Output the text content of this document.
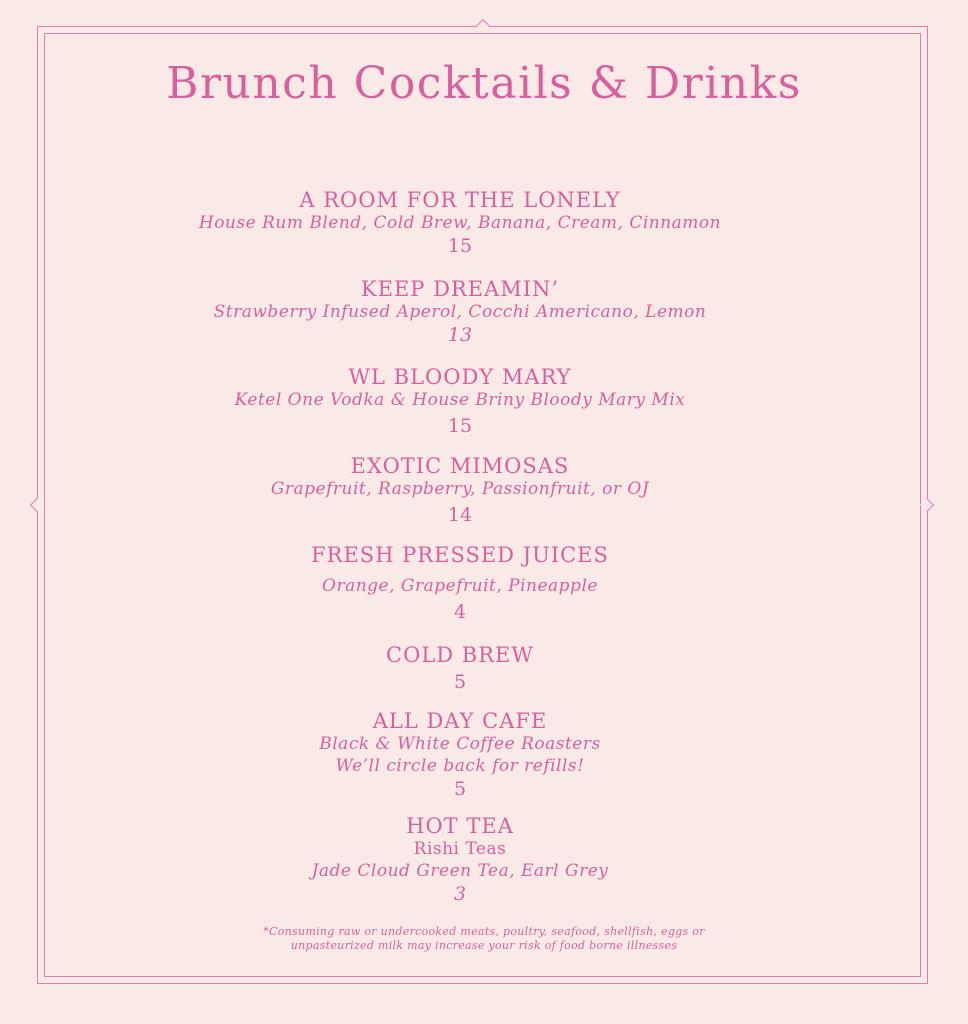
Brunch Cocktails & Drinks
A ROOM FOR THE LONELY
House Rum Blend, Cold Brew, Banana, Cream, Cinnamon
15
KEEP DREAMIN’
Strawberry Infused Aperol, Cocchi Americano, Lemon
13
WL BLOODY MARY
Ketel One Vodka & House Briny Bloody Mary Mix
15
EXOTIC MIMOSAS
Grapefruit, Raspberry, Passionfruit, or OJ
14
FRESH PRESSED JUICES
Orange, Grapefruit, Pineapple
4
COLD BREW
5
ALL DAY CAFE
Black & White Coffee Roasters
We’ll circle back for refills!
5
HOT TEA
Rishi Teas
Jade Cloud Green Tea, Earl Grey
3
*Consuming raw or undercooked meats, poultry, seafood, shellfish, eggs or
unpasteurized milk may increase your risk of food borne illnesses
